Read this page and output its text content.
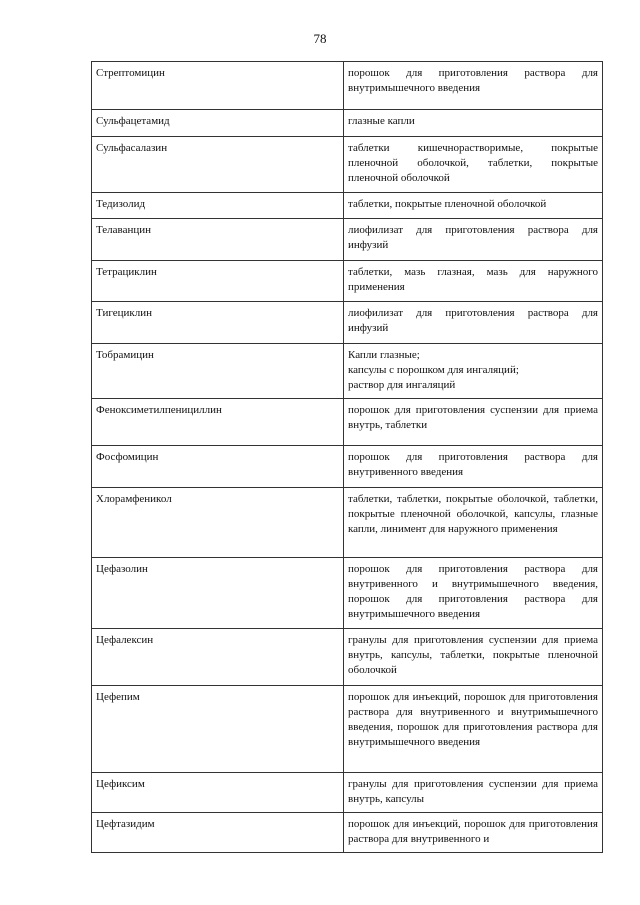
78
Стрептомицин	порошок для приготовления раствора для внутримышечного введения

Сульфацетамид	глазные капли

Сульфасалазин	таблетки кишечнорастворимые, покрытые пленочной оболочкой, таблетки, покрытые пленочной оболочкой

Тедизолид	таблетки, покрытые пленочной оболочкой

Телаванцин	лиофилизат для приготовления раствора для инфузий

Тетрациклин	таблетки, мазь глазная, мазь для наружного применения

Тигециклин	лиофилизат для приготовления раствора для инфузий

Тобрамицин	Капли глазные;
капсулы с порошком для ингаляций;
раствор для ингаляций

Феноксиметилпенициллин	порошок для приготовления суспензии для приема внутрь, таблетки

Фосфомицин	порошок для приготовления раствора для внутривенного введения

Хлорамфеникол	таблетки, таблетки, покрытые оболочкой, таблетки, покрытые пленочной оболочкой, капсулы, глазные капли, линимент для наружного применения

Цефазолин	порошок для приготовления раствора для внутривенного и внутримышечного введения, порошок для приготовления раствора для внутримышечного введения

Цефалексин	гранулы для приготовления суспензии для приема внутрь, капсулы, таблетки, покрытые пленочной оболочкой

Цефепим	порошок для инъекций, порошок для приготовления раствора для внутривенного и внутримышечного введения, порошок для приготовления раствора для внутримышечного введения

Цефиксим	гранулы для приготовления суспензии для приема внутрь, капсулы

Цефтазидим	порошок для инъекций, порошок для приготовления раствора для внутривенного и
